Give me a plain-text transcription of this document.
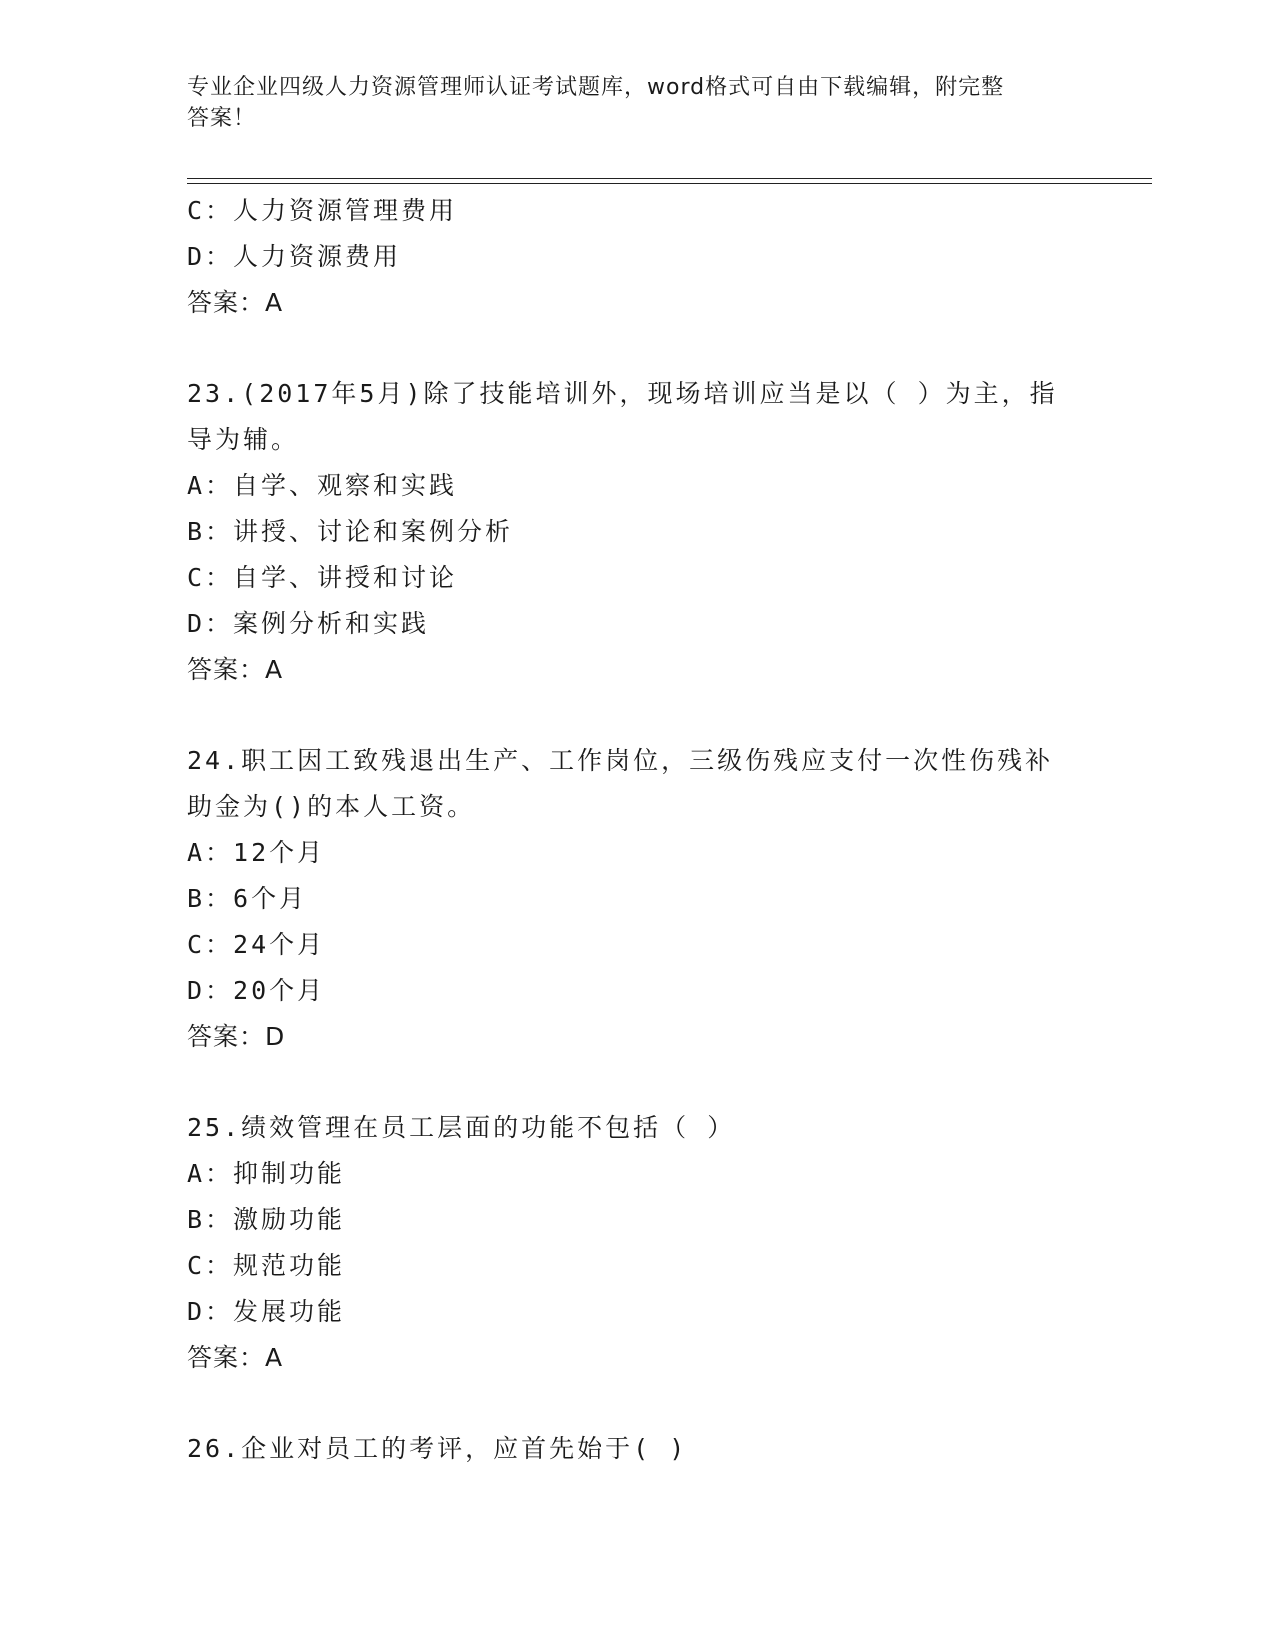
专业企业四级人力资源管理师认证考试题库，word格式可自由下载编辑，附完整
答案！
C：人力资源管理费用
D：人力资源费用
答案：A
23.(2017年5月)除了技能培训外，现场培训应当是以（ ）为主，指
导为辅。
A：自学、观察和实践
B：讲授、讨论和案例分析
C：自学、讲授和讨论
D：案例分析和实践
答案：A
24.职工因工致残退出生产、工作岗位，三级伤残应支付一次性伤残补
助金为()的本人工资。
A：12个月
B：6个月
C：24个月
D：20个月
答案：D
25.绩效管理在员工层面的功能不包括（ ）
A：抑制功能
B：激励功能
C：规范功能
D：发展功能
答案：A
26.企业对员工的考评，应首先始于( )
